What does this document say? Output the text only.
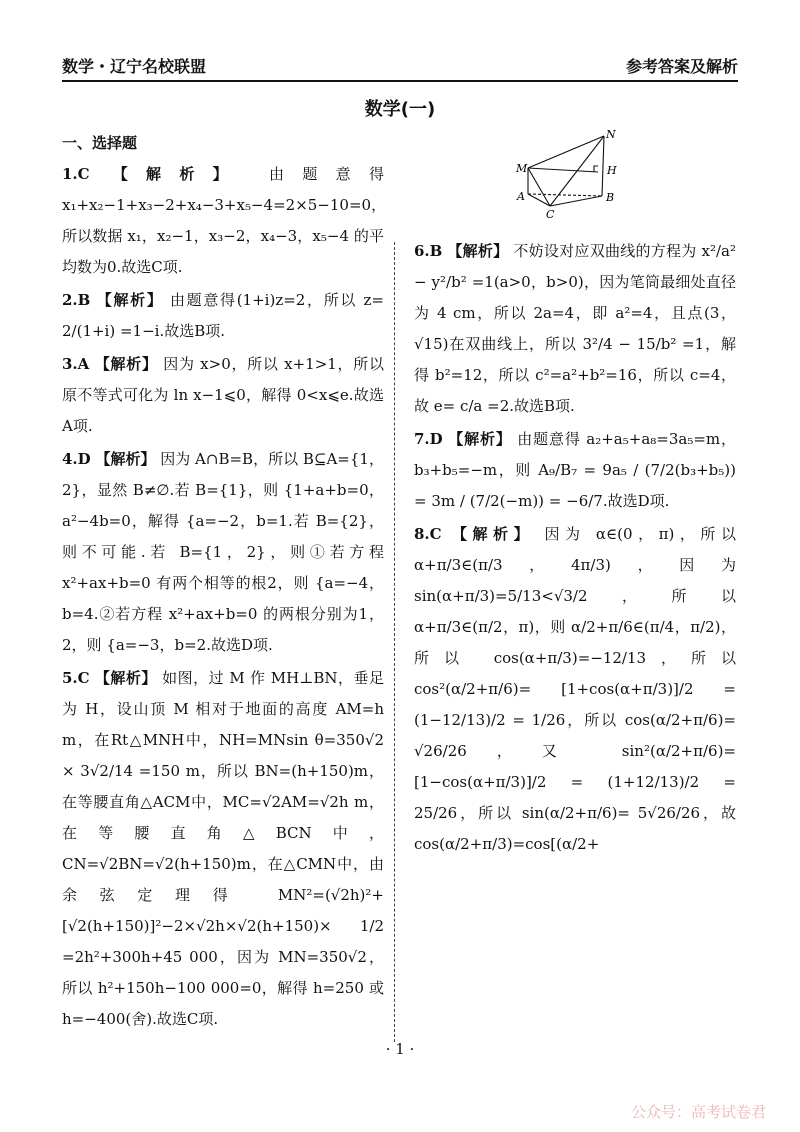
数学・辽宁名校联盟	参考答案及解析
数学(一)
一、选择题

1.C 【解析】 由题意得 x₁+x₂−1+x₃−2+x₄−3+x₅−4=2×5−10=0，所以数据 x₁，x₂−1，x₃−2，x₄−3，x₅−4 的平均数为0.故选C项.

2.B 【解析】 由题意得(1+i)z=2，所以 z= 2/(1+i) =1−i.故选B项.

3.A 【解析】 因为 x>0，所以 x+1>1，所以原不等式可化为 ln x−1⩽0，解得 0<x⩽e.故选A项.

4.D 【解析】 因为 A∩B=B，所以 B⊆A={1，2}，显然 B≠∅.若 B={1}，则 {1+a+b=0，a²−4b=0，解得 {a=−2，b=1.若 B={2}，则不可能.若 B={1，2}，则①若方程 x²+ax+b=0 有两个相等的根2，则 {a=−4，b=4.②若方程 x²+ax+b=0 的两根分别为1，2，则 {a=−3，b=2.故选D项.

5.C 【解析】 如图，过 M 作 MH⊥BN，垂足为 H，设山顶 M 相对于地面的高度 AM=h m，在Rt△MNH中，NH=MNsin θ=350√2 × 3√2/14 =150 m，所以 BN=(h+150)m，在等腰直角△ACM中，MC=√2AM=√2h m，在等腰直角△BCN中，CN=√2BN=√2(h+150)m，在△CMN中，由余弦定理得 MN²=(√2h)²+[√2(h+150)]²−2×√2h×√2(h+150)× 1/2 =2h²+300h+45 000，因为 MN=350√2，所以 h²+150h−100 000=0，解得 h=250 或 h=−400(舍).故选C项.

M
N
H
A	B
C

6.B 【解析】 不妨设对应双曲线的方程为 x²/a² − y²/b² =1(a>0，b>0)，因为笔筒最细处直径为 4 cm，所以 2a=4，即 a²=4，且点(3，√15)在双曲线上，所以 3²/4 − 15/b² =1，解得 b²=12，所以 c²=a²+b²=16，所以 c=4，故 e= c/a =2.故选B项.

7.D 【解析】 由题意得 a₂+a₅+a₈=3a₅=m，b₃+b₅=−m，则 A₉/B₇ = 9a₅ / (7/2(b₃+b₅)) = 3m / (7/2(−m)) = −6/7.故选D项.

8.C 【解析】 因为 α∈(0，π)，所以 α+π/3∈(π/3，4π/3)，因为 sin(α+π/3)=5/13<√3/2，所以 α+π/3∈(π/2，π)，则 α/2+π/6∈(π/4，π/2)，所以 cos(α+π/3)=−12/13，所以 cos²(α/2+π/6)= [1+cos(α+π/3)]/2 = (1−12/13)/2 = 1/26，所以 cos(α/2+π/6)= √26/26，又 sin²(α/2+π/6)= [1−cos(α+π/3)]/2 = (1+12/13)/2 = 25/26，所以 sin(α/2+π/6)= 5√26/26，故 cos(α/2+π/3)=cos[(α/2+

· 1 ·
公众号：高考试卷君
